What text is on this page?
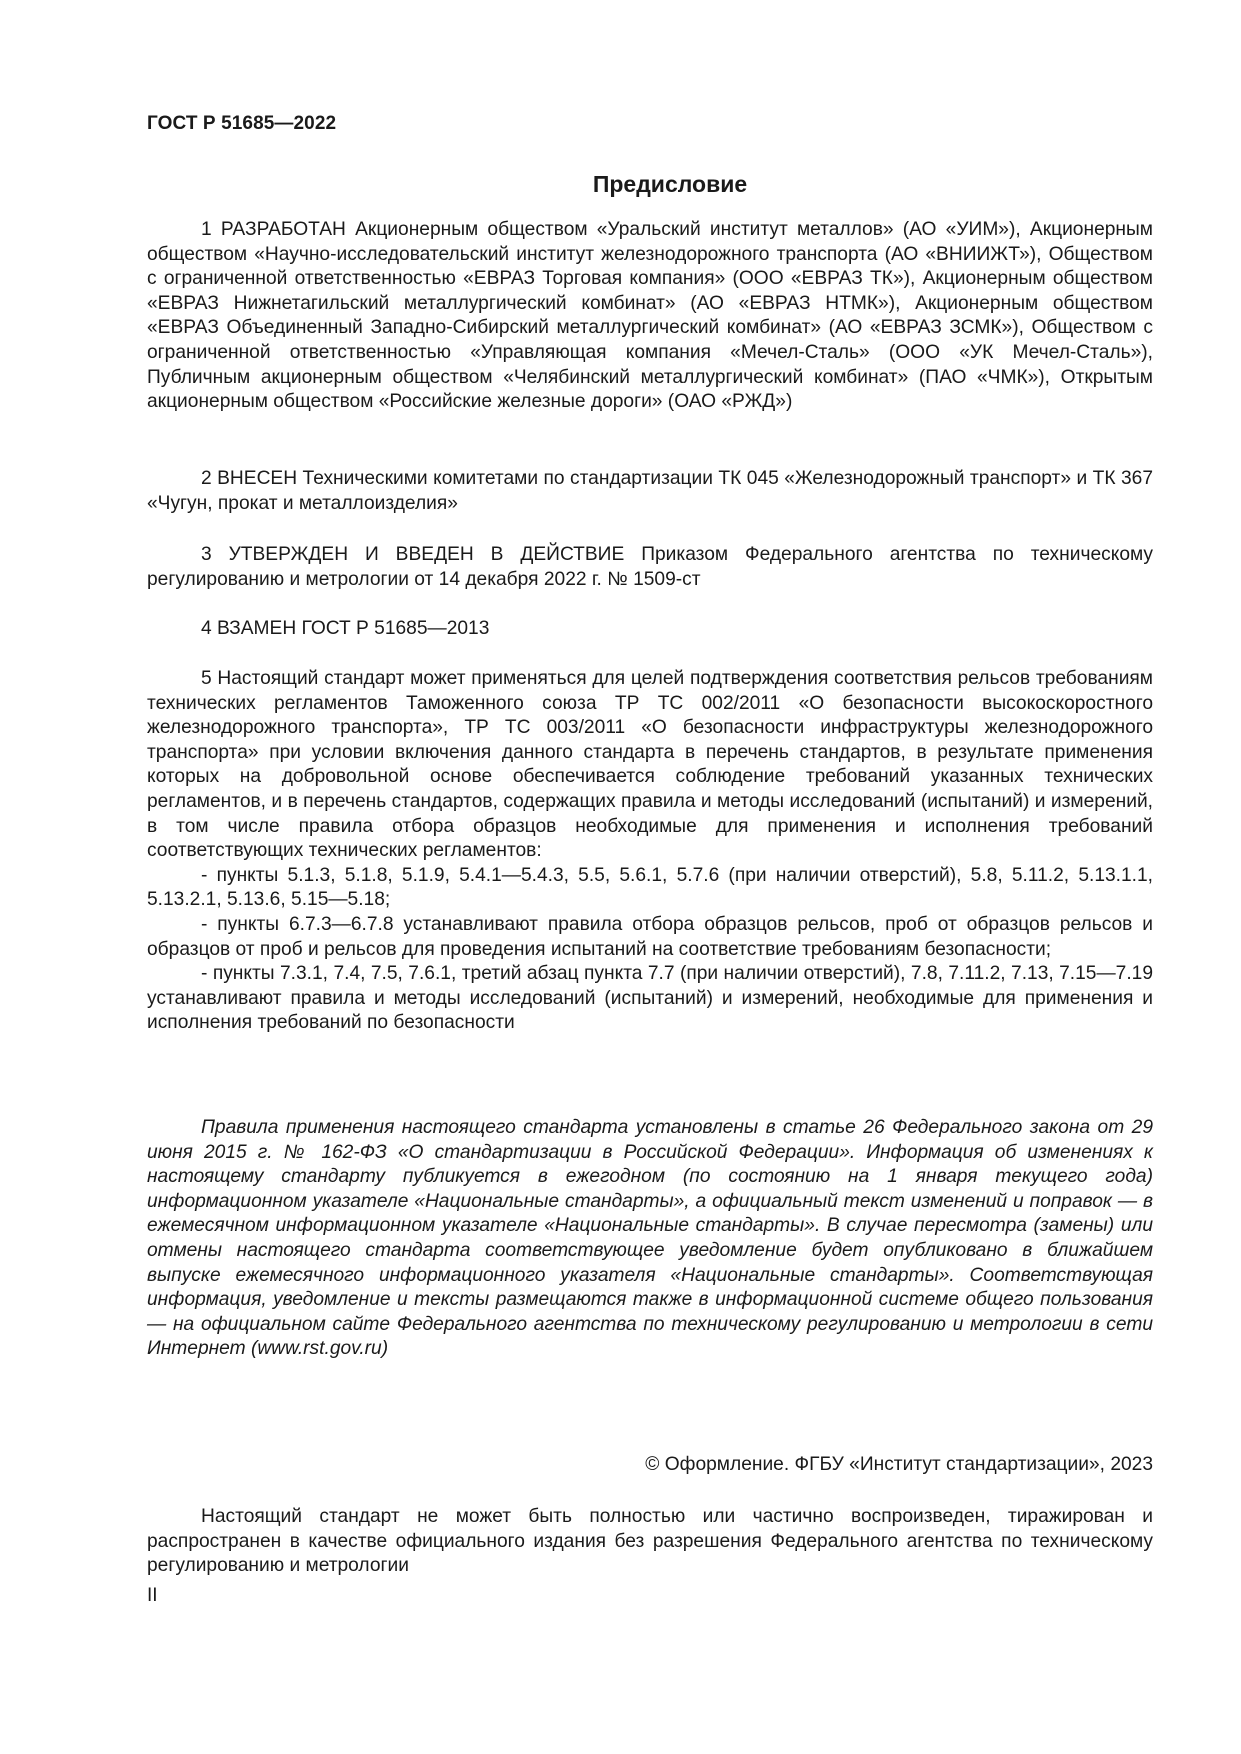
ГОСТ Р 51685—2022
Предисловие

1 РАЗРАБОТАН Акционерным обществом «Уральский институт металлов» (АО «УИМ»), Акционерным обществом «Научно-исследовательский институт железнодорожного транспорта (АО «ВНИИЖТ»), Обществом с ограниченной ответственностью «ЕВРАЗ Торговая компания» (ООО «ЕВРАЗ ТК»), Акционерным обществом «ЕВРАЗ Нижнетагильский металлургический комбинат» (АО «ЕВРАЗ НТМК»), Акционерным обществом «ЕВРАЗ Объединенный Западно-Сибирский металлургический комбинат» (АО «ЕВРАЗ ЗСМК»), Обществом с ограниченной ответственностью «Управляющая компания «Мечел-Сталь» (ООО «УК Мечел-Сталь»), Публичным акционерным обществом «Челябинский металлургический комбинат» (ПАО «ЧМК»), Открытым акционерным обществом «Российские железные дороги» (ОАО «РЖД»)

2 ВНЕСЕН Техническими комитетами по стандартизации ТК 045 «Железнодорожный транспорт» и ТК 367 «Чугун, прокат и металлоизделия»

3 УТВЕРЖДЕН И ВВЕДЕН В ДЕЙСТВИЕ Приказом Федерального агентства по техническому регулированию и метрологии от 14 декабря 2022 г. № 1509-ст

4 ВЗАМЕН ГОСТ Р 51685—2013

5 Настоящий стандарт может применяться для целей подтверждения соответствия рельсов требованиям технических регламентов Таможенного союза ТР ТС 002/2011 «О безопасности высокоскоростного железнодорожного транспорта», ТР ТС 003/2011 «О безопасности инфраструктуры железнодорожного транспорта» при условии включения данного стандарта в перечень стандартов, в результате применения которых на добровольной основе обеспечивается соблюдение требований указанных технических регламентов, и в перечень стандартов, содержащих правила и методы исследований (испытаний) и измерений, в том числе правила отбора образцов необходимые для применения и исполнения требований соответствующих технических регламентов:

- пункты 5.1.3, 5.1.8, 5.1.9, 5.4.1—5.4.3, 5.5, 5.6.1, 5.7.6 (при наличии отверстий), 5.8, 5.11.2, 5.13.1.1, 5.13.2.1, 5.13.6, 5.15—5.18;

- пункты 6.7.3—6.7.8 устанавливают правила отбора образцов рельсов, проб от образцов рельсов и образцов от проб и рельсов для проведения испытаний на соответствие требованиям безопасности;

- пункты 7.3.1, 7.4, 7.5, 7.6.1, третий абзац пункта 7.7 (при наличии отверстий), 7.8, 7.11.2, 7.13, 7.15—7.19 устанавливают правила и методы исследований (испытаний) и измерений, необходимые для применения и исполнения требований по безопасности

Правила применения настоящего стандарта установлены в статье 26 Федерального закона от 29 июня 2015 г. № 162-ФЗ «О стандартизации в Российской Федерации». Информация об изменениях к настоящему стандарту публикуется в ежегодном (по состоянию на 1 января текущего года) информационном указателе «Национальные стандарты», а официальный текст изменений и поправок — в ежемесячном информационном указателе «Национальные стандарты». В случае пересмотра (замены) или отмены настоящего стандарта соответствующее уведомление будет опубликовано в ближайшем выпуске ежемесячного информационного указателя «Национальные стандарты». Соответствующая информация, уведомление и тексты размещаются также в информационной системе общего пользования — на официальном сайте Федерального агентства по техническому регулированию и метрологии в сети Интернет (www.rst.gov.ru)

© Оформление. ФГБУ «Институт стандартизации», 2023

Настоящий стандарт не может быть полностью или частично воспроизведен, тиражирован и распространен в качестве официального издания без разрешения Федерального агентства по техническому регулированию и метрологии

II
